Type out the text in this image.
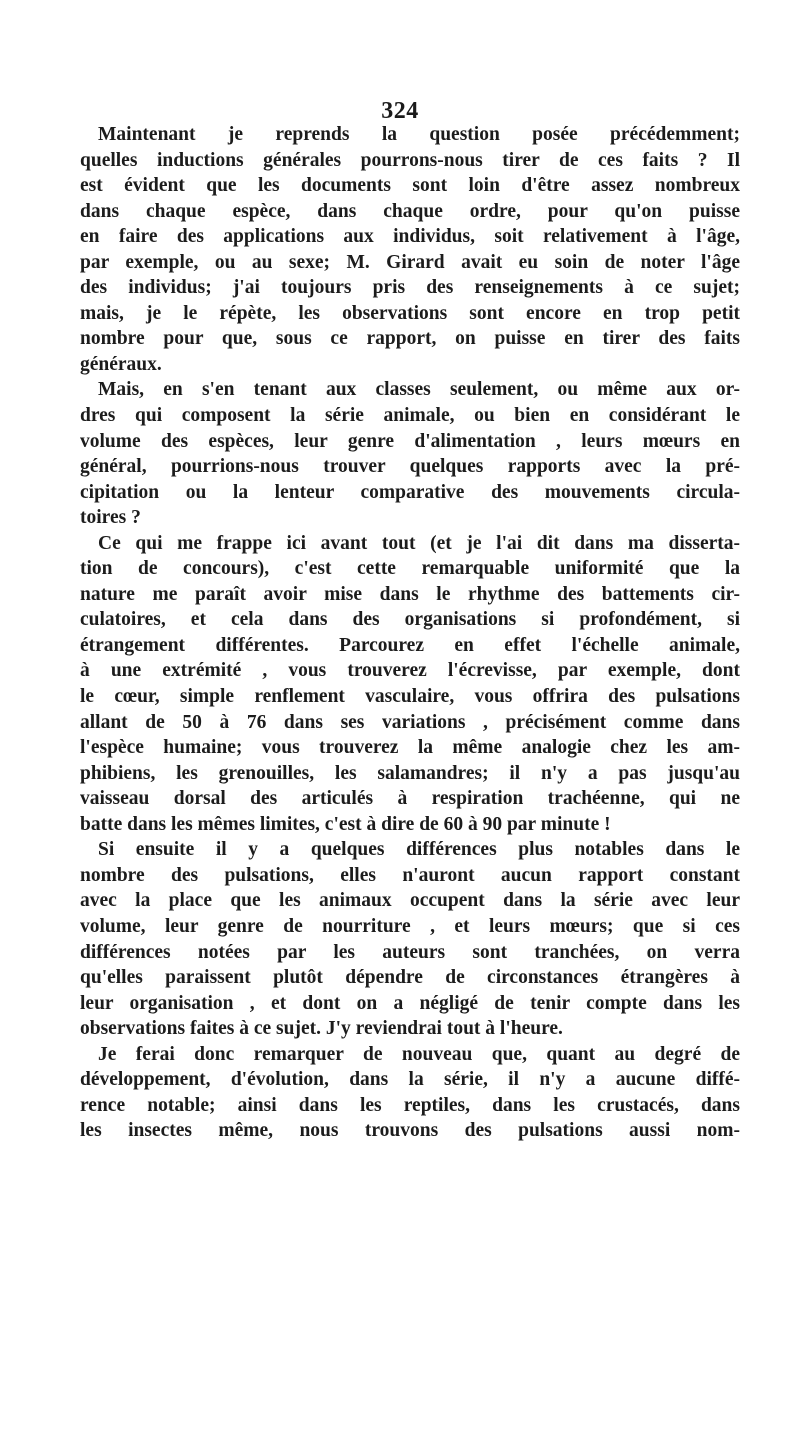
324
Maintenant je reprends la question posée précédemment;
quelles inductions générales pourrons-nous tirer de ces faits ? Il
est évident que les documents sont loin d'être assez nombreux
dans chaque espèce, dans chaque ordre, pour qu'on puisse
en faire des applications aux individus, soit relativement à l'âge,
par exemple, ou au sexe; M. Girard avait eu soin de noter l'âge
des individus; j'ai toujours pris des renseignements à ce sujet;
mais, je le répète, les observations sont encore en trop petit
nombre pour que, sous ce rapport, on puisse en tirer des faits
généraux.
Mais, en s'en tenant aux classes seulement, ou même aux or-
dres qui composent la série animale, ou bien en considérant le
volume des espèces, leur genre d'alimentation , leurs mœurs en
général, pourrions-nous trouver quelques rapports avec la pré-
cipitation ou la lenteur comparative des mouvements circula-
toires ?
Ce qui me frappe ici avant tout (et je l'ai dit dans ma disserta-
tion de concours), c'est cette remarquable uniformité que la
nature me paraît avoir mise dans le rhythme des battements cir-
culatoires, et cela dans des organisations si profondément, si
étrangement différentes. Parcourez en effet l'échelle animale,
à une extrémité , vous trouverez l'écrevisse, par exemple, dont
le cœur, simple renflement vasculaire, vous offrira des pulsations
allant de 50 à 76 dans ses variations , précisément comme dans
l'espèce humaine; vous trouverez la même analogie chez les am-
phibiens, les grenouilles, les salamandres; il n'y a pas jusqu'au
vaisseau dorsal des articulés à respiration trachéenne, qui ne
batte dans les mêmes limites, c'est à dire de 60 à 90 par minute !
Si ensuite il y a quelques différences plus notables dans le
nombre des pulsations, elles n'auront aucun rapport constant
avec la place que les animaux occupent dans la série avec leur
volume, leur genre de nourriture , et leurs mœurs; que si ces
différences notées par les auteurs sont tranchées, on verra
qu'elles paraissent plutôt dépendre de circonstances étrangères à
leur organisation , et dont on a négligé de tenir compte dans les
observations faites à ce sujet. J'y reviendrai tout à l'heure.
Je ferai donc remarquer de nouveau que, quant au degré de
développement, d'évolution, dans la série, il n'y a aucune diffé-
rence notable; ainsi dans les reptiles, dans les crustacés, dans
les insectes même, nous trouvons des pulsations aussi nom-
